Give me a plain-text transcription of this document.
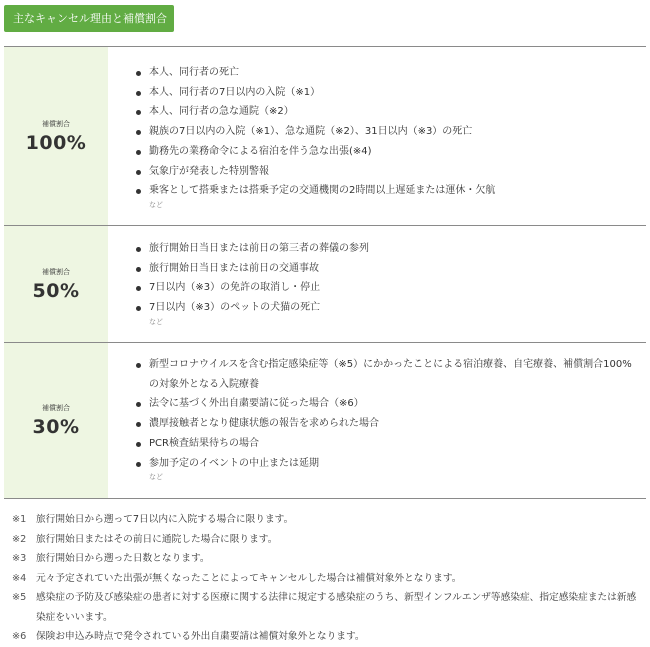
主なキャンセル理由と補償割合
補償割合
100%
本人、同行者の死亡
本人、同行者の7日以内の入院（※1）
本人、同行者の急な通院（※2）
親族の7日以内の入院（※1）、急な通院（※2）、31日以内（※3）の死亡
勤務先の業務命令による宿泊を伴う急な出張(※4)
気象庁が発表した特別警報
乗客として搭乗または搭乗予定の交通機関の2時間以上遅延または運休・欠航
など
補償割合
50%
旅行開始日当日または前日の第三者の葬儀の参列
旅行開始日当日または前日の交通事故
7日以内（※3）の免許の取消し・停止
7日以内（※3）のペットの犬猫の死亡
など
補償割合
30%
新型コロナウイルスを含む指定感染症等（※5）にかかったことによる宿泊療養、自宅療養、補償割合100%の対象外となる入院療養
法令に基づく外出自粛要請に従った場合（※6）
濃厚接触者となり健康状態の報告を求められた場合
PCR検査結果待ちの場合
参加予定のイベントの中止または延期
など
※1	旅行開始日から遡って7日以内に入院する場合に限ります。
※2	旅行開始日またはその前日に通院した場合に限ります。
※3	旅行開始日から遡った日数となります。
※4	元々予定されていた出張が無くなったことによってキャンセルした場合は補償対象外となります。
※5	感染症の予防及び感染症の患者に対する医療に関する法律に規定する感染症のうち、新型インフルエンザ等感染症、指定感染症または新感染症をいいます。
※6	保険お申込み時点で発令されている外出自粛要請は補償対象外となります。
